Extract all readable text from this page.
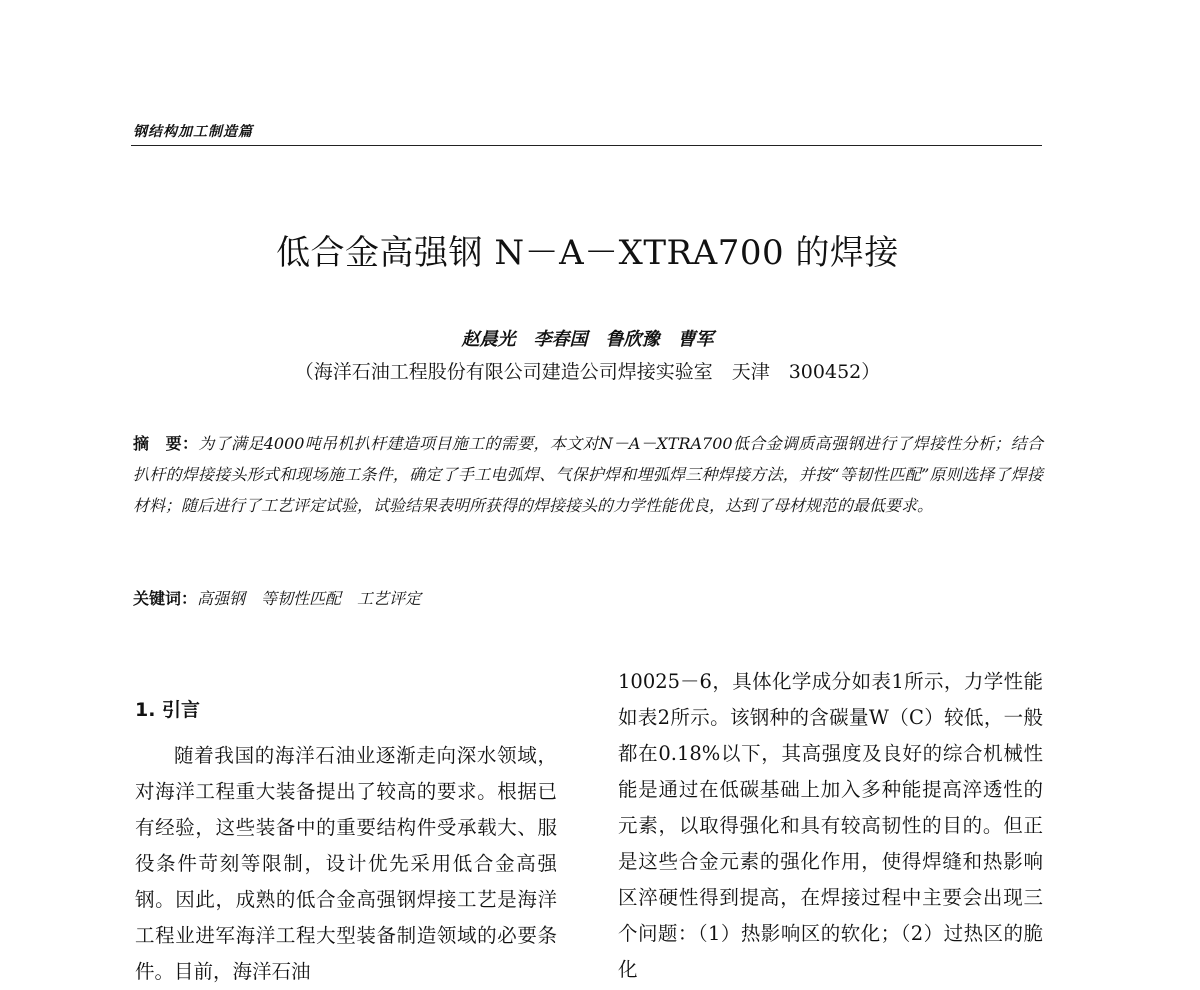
钢结构加工制造篇
低合金高强钢 N－A－XTRA700 的焊接
赵晨光　李春国　鲁欣豫　曹军
（海洋石油工程股份有限公司建造公司焊接实验室　天津　300452）
摘　要：为了满足4000吨吊机扒杆建造项目施工的需要，本文对N－A－XTRA700低合金调质高强钢进行了焊接性分析；结合扒杆的焊接接头形式和现场施工条件，确定了手工电弧焊、气保护焊和埋弧焊三种焊接方法，并按“等韧性匹配”原则选择了焊接材料；随后进行了工艺评定试验，试验结果表明所获得的焊接接头的力学性能优良，达到了母材规范的最低要求。
关键词：高强钢　等韧性匹配　工艺评定
1. 引言

随着我国的海洋石油业逐渐走向深水领域，对海洋工程重大装备提出了较高的要求。根据已有经验，这些装备中的重要结构件受承载大、服役条件苛刻等限制，设计优先采用低合金高强钢。因此，成熟的低合金高强钢焊接工艺是海洋工程业进军海洋工程大型装备制造领域的必要条件。目前，海洋石油

10025－6，具体化学成分如表1所示，力学性能如表2所示。该钢种的含碳量W（C）较低，一般都在0.18%以下，其高强度及良好的综合机械性能是通过在低碳基础上加入多种能提高淬透性的元素，以取得强化和具有较高韧性的目的。但正是这些合金元素的强化作用，使得焊缝和热影响区淬硬性得到提高，在焊接过程中主要会出现三个问题：（1）热影响区的软化；（2）过热区的脆化
